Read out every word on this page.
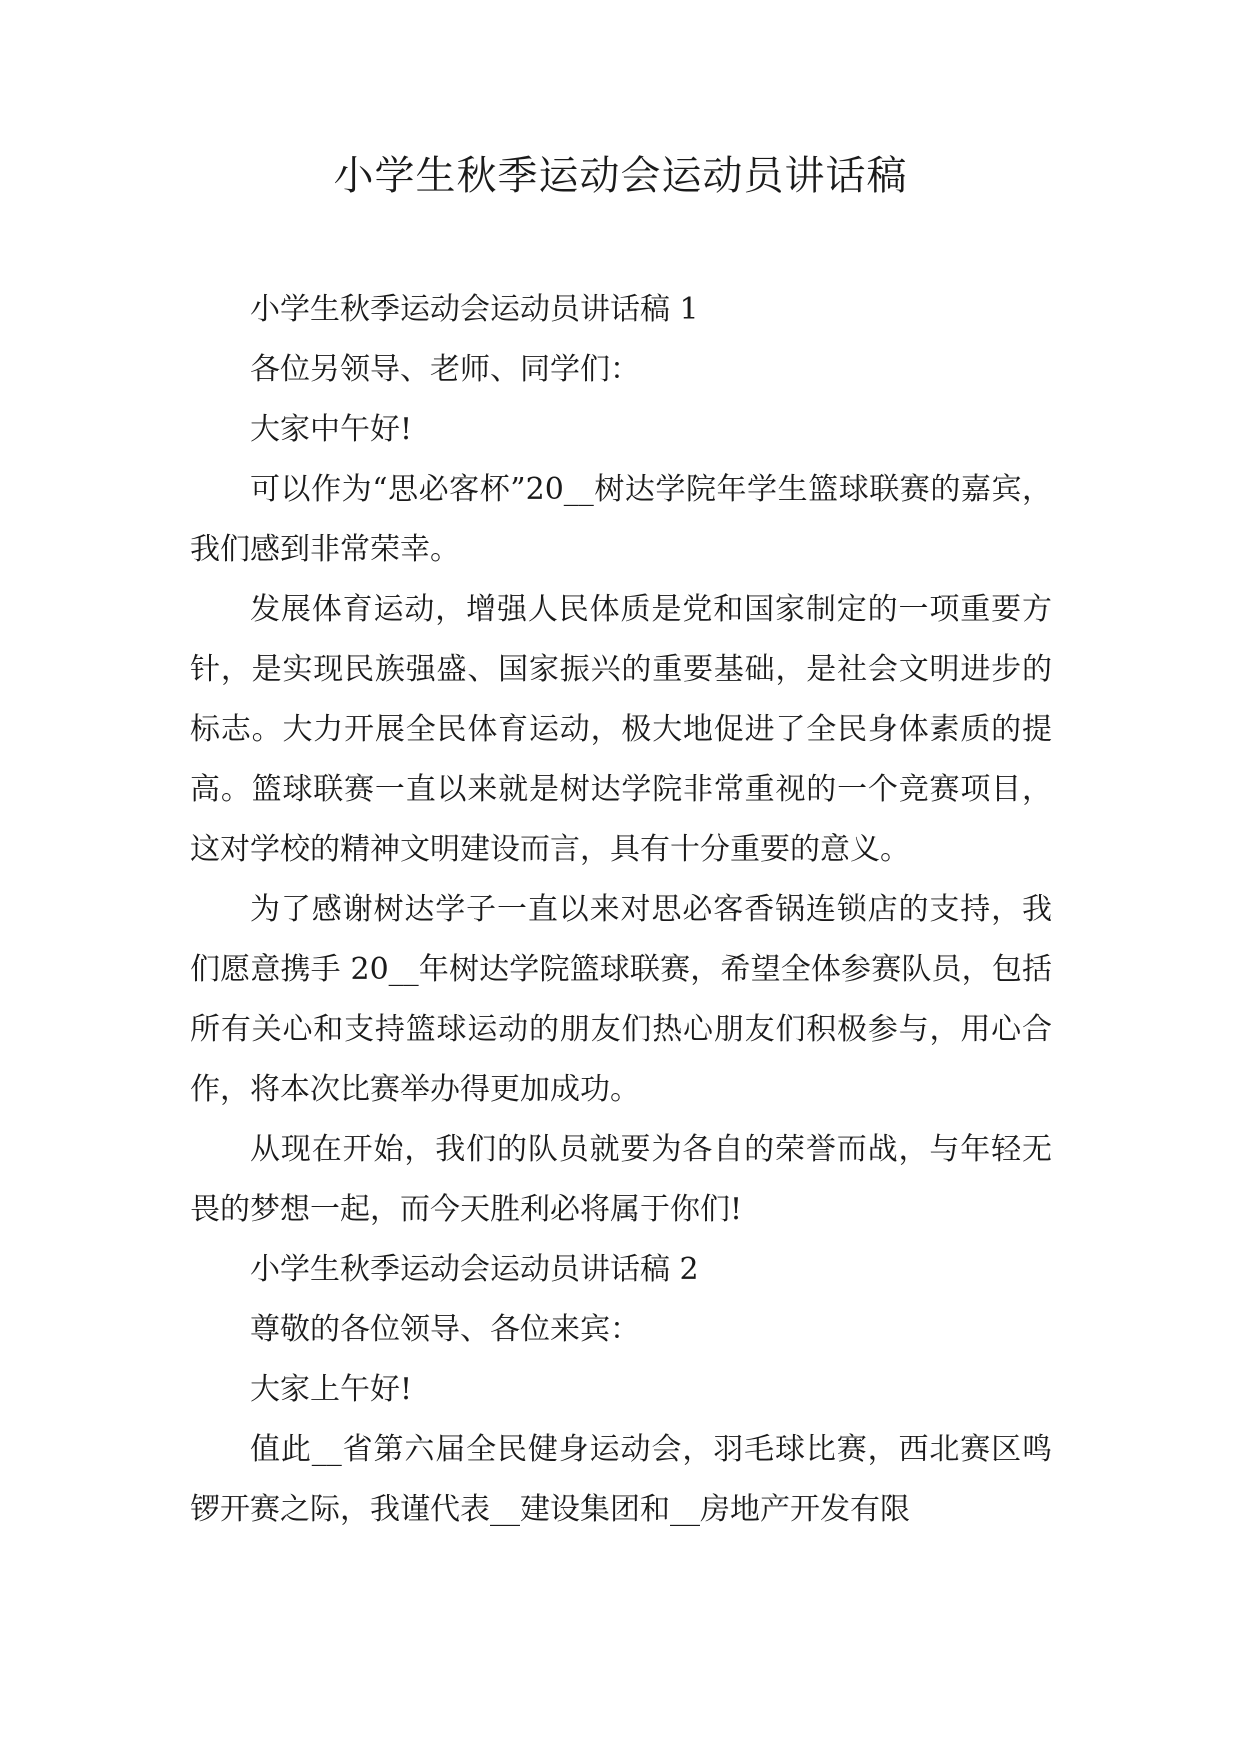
小学生秋季运动会运动员讲话稿

小学生秋季运动会运动员讲话稿 1

各位另领导、老师、同学们：

大家中午好!

可以作为“思必客杯”20__树达学院年学生篮球联赛的嘉宾，我们感到非常荣幸。

发展体育运动，增强人民体质是党和国家制定的一项重要方针，是实现民族强盛、国家振兴的重要基础，是社会文明进步的标志。大力开展全民体育运动，极大地促进了全民身体素质的提高。篮球联赛一直以来就是树达学院非常重视的一个竞赛项目，这对学校的精神文明建设而言，具有十分重要的意义。

为了感谢树达学子一直以来对思必客香锅连锁店的支持，我们愿意携手 20__年树达学院篮球联赛，希望全体参赛队员，包括所有关心和支持篮球运动的朋友们热心朋友们积极参与，用心合作，将本次比赛举办得更加成功。

从现在开始，我们的队员就要为各自的荣誉而战，与年轻无畏的梦想一起，而今天胜利必将属于你们!

小学生秋季运动会运动员讲话稿 2

尊敬的各位领导、各位来宾：

大家上午好!

值此__省第六届全民健身运动会，羽毛球比赛，西北赛区鸣锣开赛之际，我谨代表__建设集团和__房地产开发有限
